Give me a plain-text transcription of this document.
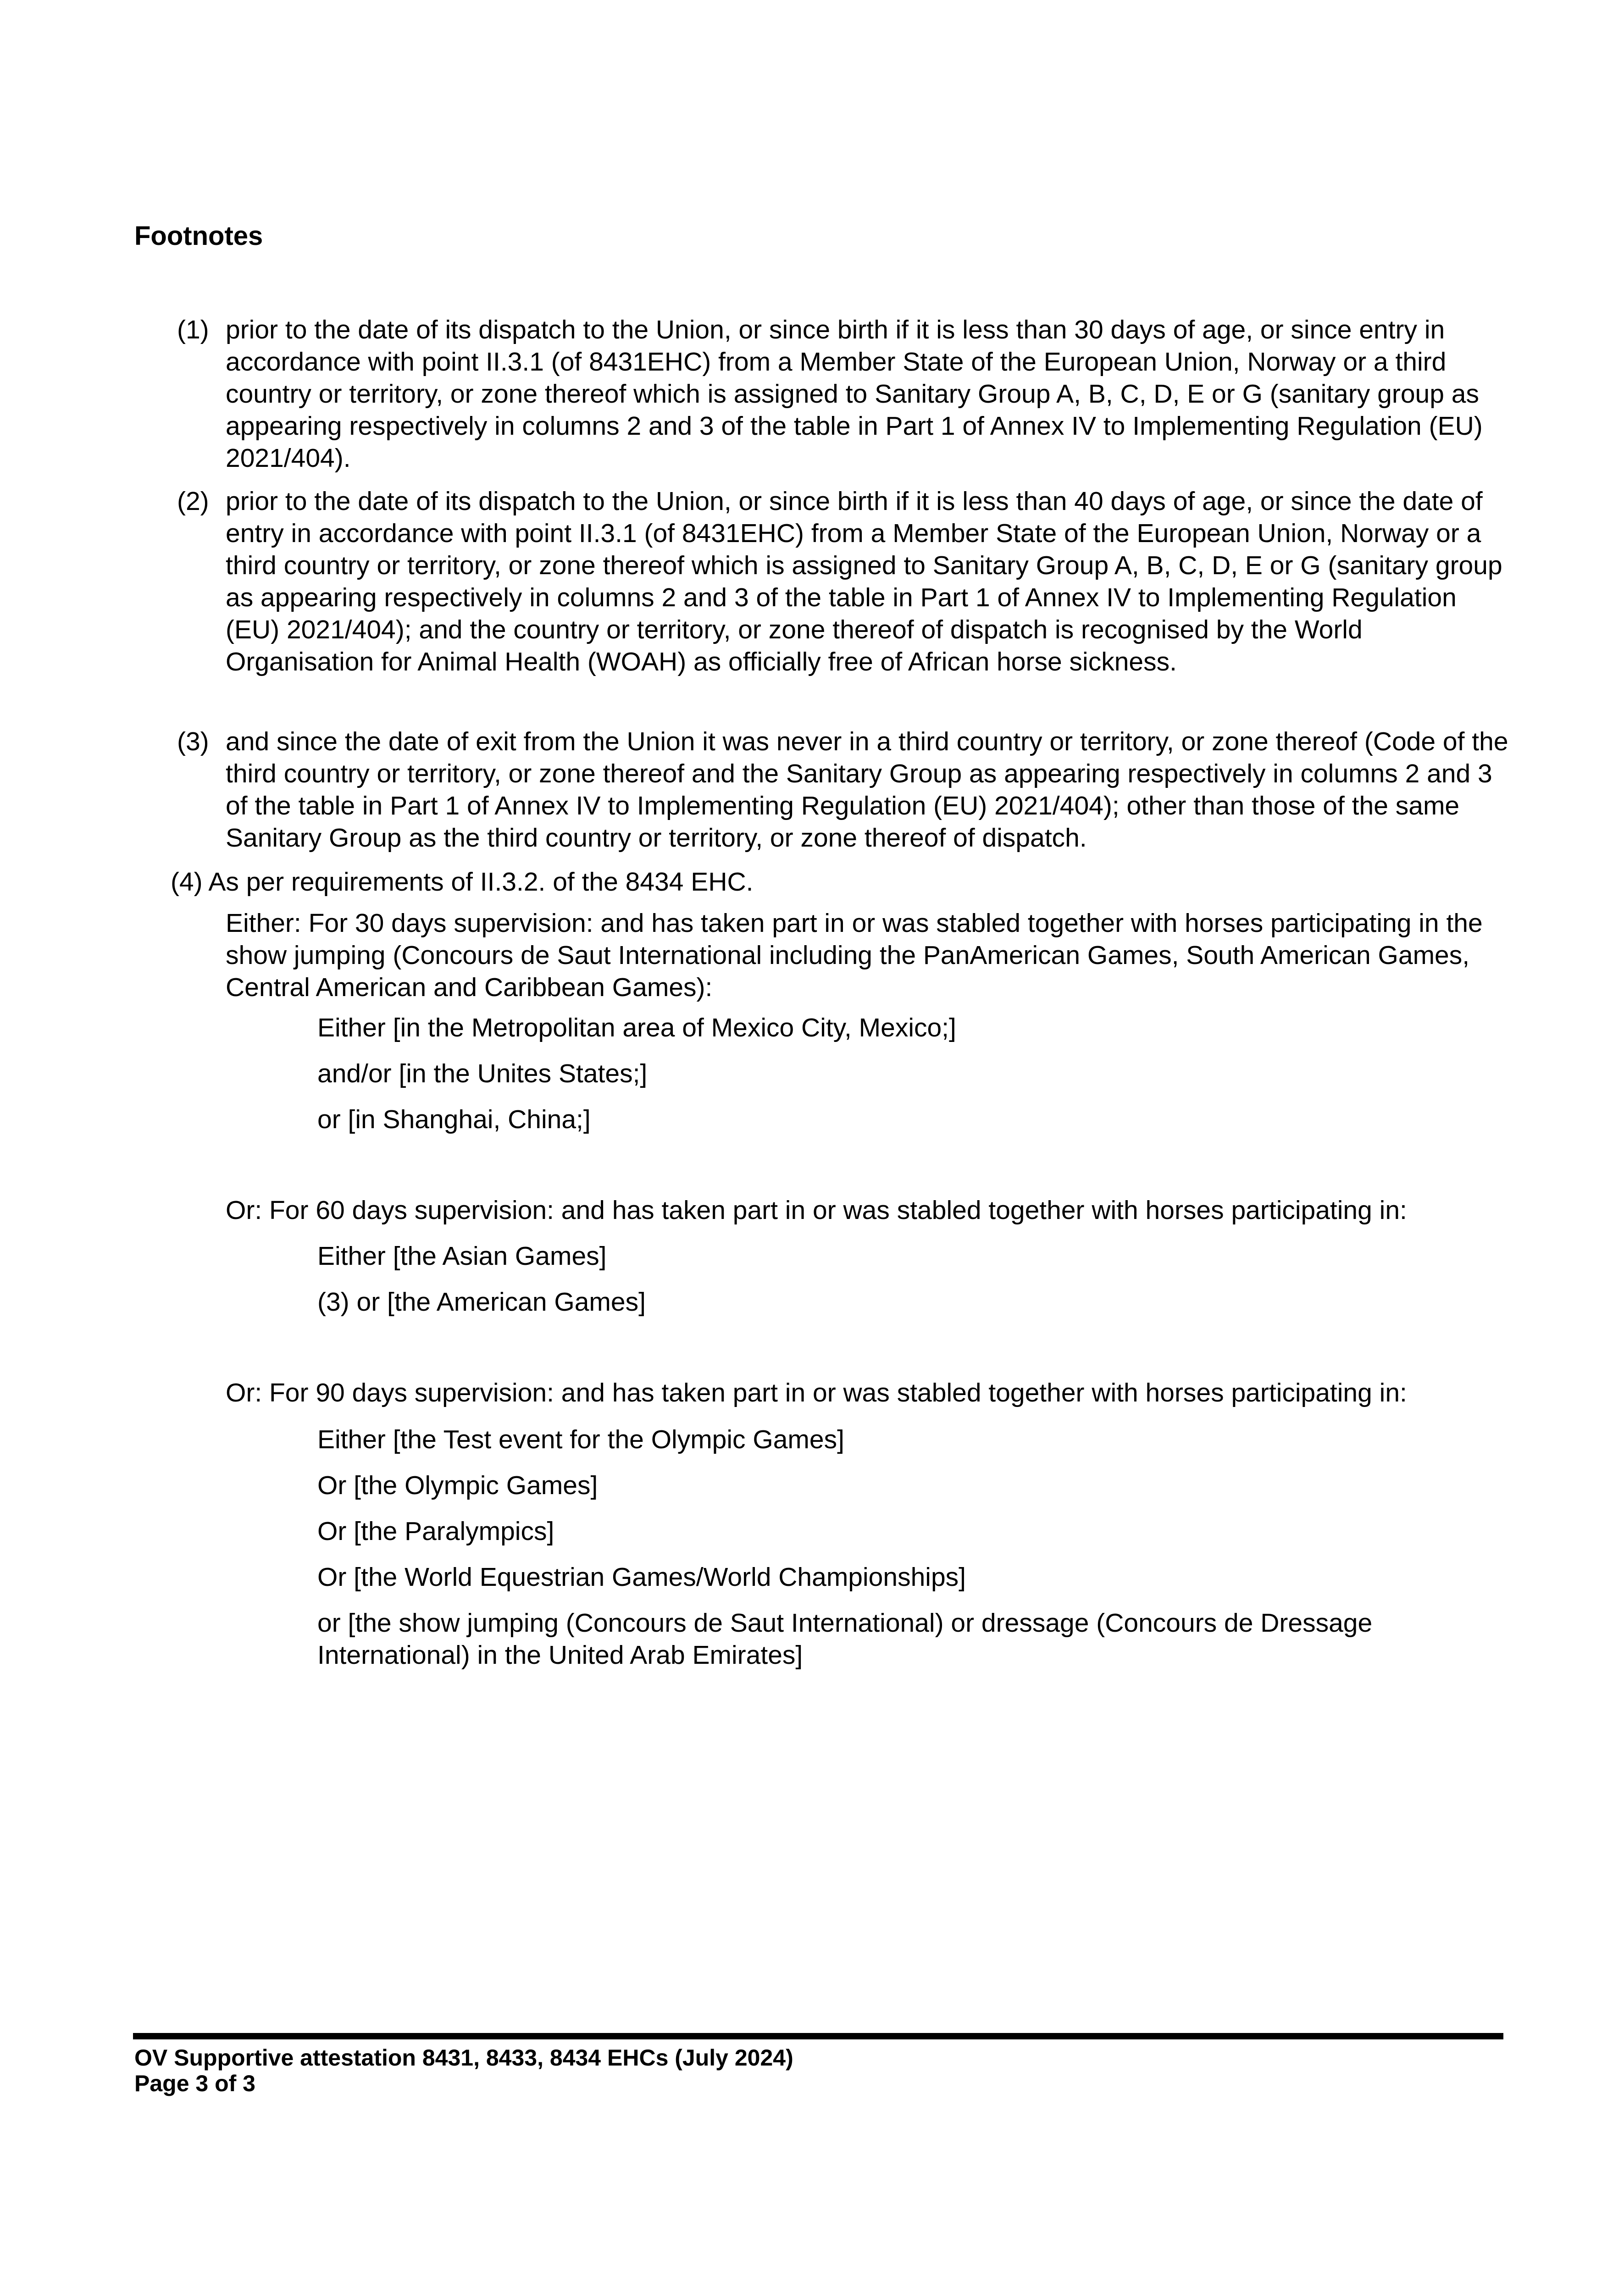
Footnotes
(1) prior to the date of its dispatch to the Union, or since birth if it is less than 30 days of age, or since entry in accordance with point II.3.1 (of 8431EHC) from a Member State of the European Union, Norway or a third country or territory, or zone thereof which is assigned to Sanitary Group A, B, C, D, E or G (sanitary group as appearing respectively in columns 2 and 3 of the table in Part 1 of Annex IV to Implementing Regulation (EU) 2021/404).

(2) prior to the date of its dispatch to the Union, or since birth if it is less than 40 days of age, or since the date of entry in accordance with point II.3.1 (of 8431EHC) from a Member State of the European Union, Norway or a third country or territory, or zone thereof which is assigned to Sanitary Group A, B, C, D, E or G (sanitary group as appearing respectively in columns 2 and 3 of the table in Part 1 of Annex IV to Implementing Regulation (EU) 2021/404); and the country or territory, or zone thereof of dispatch is recognised by the World Organisation for Animal Health (WOAH) as officially free of African horse sickness.

(3) and since the date of exit from the Union it was never in a third country or territory, or zone thereof (Code of the third country or territory, or zone thereof and the Sanitary Group as appearing respectively in columns 2 and 3 of the table in Part 1 of Annex IV to Implementing Regulation (EU) 2021/404); other than those of the same Sanitary Group as the third country or territory, or zone thereof of dispatch.

(4) As per requirements of II.3.2. of the 8434 EHC.

Either: For 30 days supervision: and has taken part in or was stabled together with horses participating in the show jumping (Concours de Saut International including the PanAmerican Games, South American Games, Central American and Caribbean Games):

Either [in the Metropolitan area of Mexico City, Mexico;]

and/or [in the Unites States;]

or [in Shanghai, China;]

Or: For 60 days supervision: and has taken part in or was stabled together with horses participating in:

Either [the Asian Games]

(3) or [the American Games]

Or: For 90 days supervision: and has taken part in or was stabled together with horses participating in:

Either [the Test event for the Olympic Games]

Or [the Olympic Games]

Or [the Paralympics]

Or [the World Equestrian Games/World Championships]

or [the show jumping (Concours de Saut International) or dressage (Concours de Dressage International) in the United Arab Emirates]

OV Supportive attestation 8431, 8433, 8434 EHCs (July 2024)

Page 3 of 3
